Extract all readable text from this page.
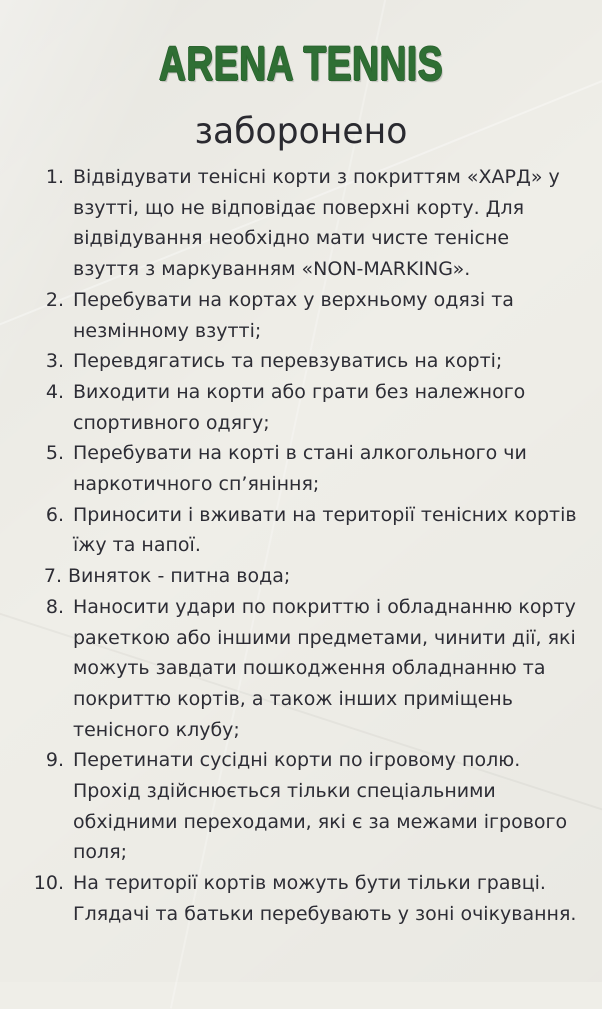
ARENA TENNIS
заборонено
1. Відвідувати тенісні корти з покриттям «ХАРД» у взутті, що не відповідає поверхні корту. Для відвідування необхідно мати чисте тенісне взуття з маркуванням «NON-MARKING».
2. Перебувати на кортах у верхньому одязі та незмінному взутті;
3. Перевдягатись та перевзуватись на корті;
4. Виходити на корти або грати без належного спортивного одягу;
5. Перебувати на корті в стані алкогольного чи наркотичного сп’яніння;
6. Приносити і вживати на території тенісних кортів їжу та напої.
7. Виняток - питна вода;
8. Наносити удари по покриттю і обладнанню корту ракеткою або іншими предметами, чинити дії, які можуть завдати пошкодження обладнанню та покриттю кортів, а також інших приміщень тенісного клубу;
9. Перетинати сусідні корти по ігровому полю. Прохід здійснюється тільки спеціальними обхідними переходами, які є за межами ігрового поля;
10. На території кортів можуть бути тільки гравці. Глядачі та батьки перебувають у зоні очікування.
